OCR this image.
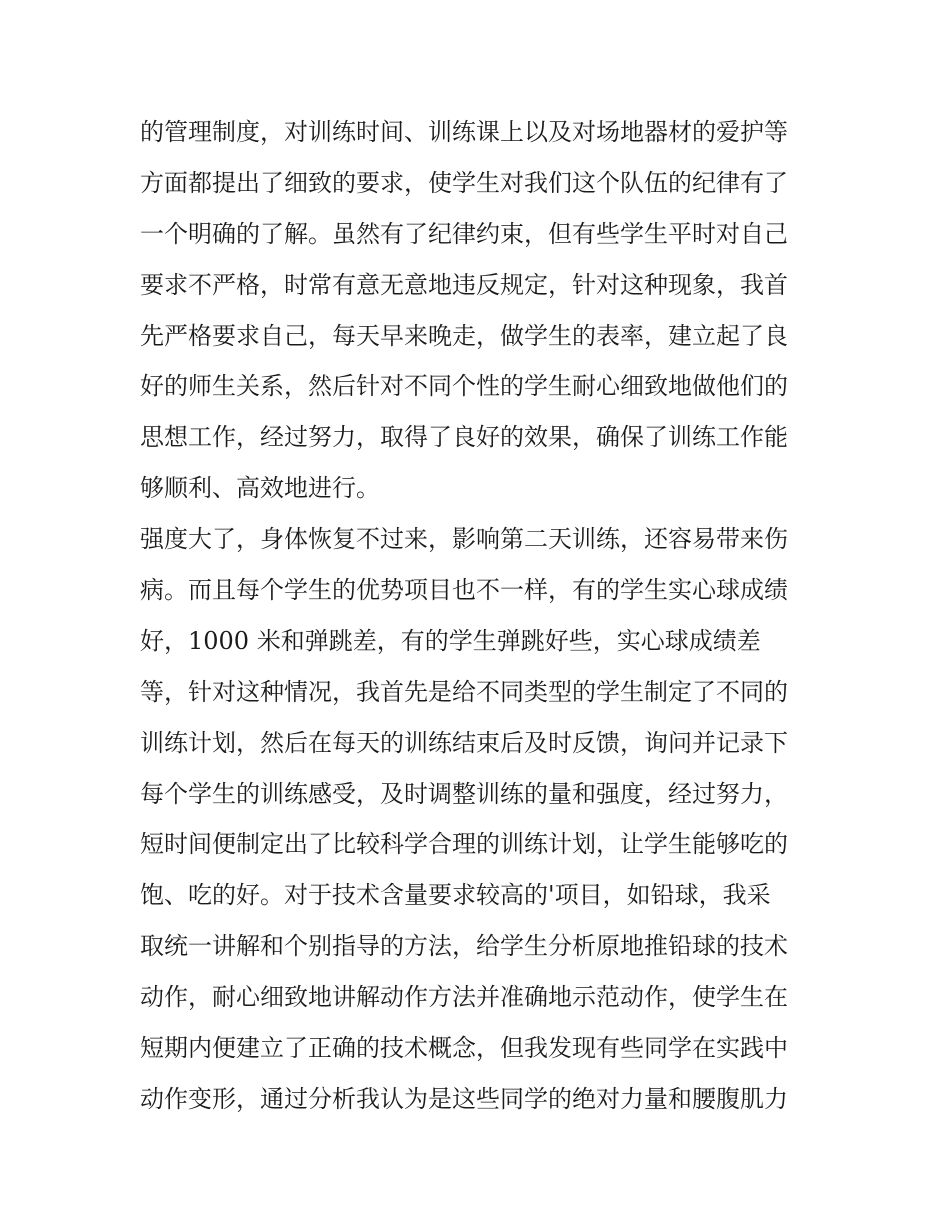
的管理制度，对训练时间、训练课上以及对场地器材的爱护等
方面都提出了细致的要求，使学生对我们这个队伍的纪律有了
一个明确的了解。虽然有了纪律约束，但有些学生平时对自己
要求不严格，时常有意无意地违反规定，针对这种现象，我首
先严格要求自己，每天早来晚走，做学生的表率，建立起了良
好的师生关系，然后针对不同个性的学生耐心细致地做他们的
思想工作，经过努力，取得了良好的效果，确保了训练工作能
够顺利、高效地进行。
强度大了，身体恢复不过来，影响第二天训练，还容易带来伤
病。而且每个学生的优势项目也不一样，有的学生实心球成绩
好，1000 米和弹跳差，有的学生弹跳好些，实心球成绩差
等，针对这种情况，我首先是给不同类型的学生制定了不同的
训练计划，然后在每天的训练结束后及时反馈，询问并记录下
每个学生的训练感受，及时调整训练的量和强度，经过努力，
短时间便制定出了比较科学合理的训练计划，让学生能够吃的
饱、吃的好。对于技术含量要求较高的'项目，如铅球，我采
取统一讲解和个别指导的方法，给学生分析原地推铅球的技术
动作，耐心细致地讲解动作方法并准确地示范动作，使学生在
短期内便建立了正确的技术概念，但我发现有些同学在实践中
动作变形，通过分析我认为是这些同学的绝对力量和腰腹肌力
